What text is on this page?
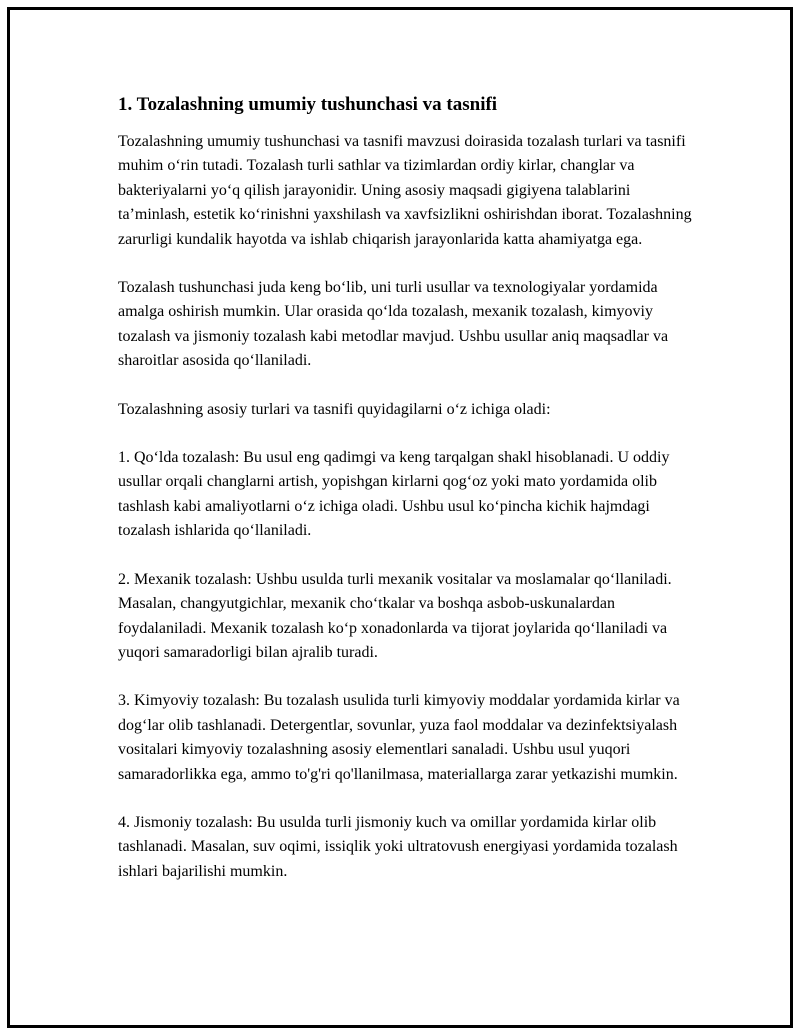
1. Tozalashning umumiy tushunchasi va tasnifi

Tozalashning umumiy tushunchasi va tasnifi mavzusi doirasida tozalash turlari va tasnifi muhim oʻrin tutadi. Tozalash turli sathlar va tizimlardan ordiy kirlar, changlar va bakteriyalarni yoʻq qilish jarayonidir. Uning asosiy maqsadi gigiyena talablarini taʼminlash, estetik koʻrinishni yaxshilash va xavfsizlikni oshirishdan iborat. Tozalashning zarurligi kundalik hayotda va ishlab chiqarish jarayonlarida katta ahamiyatga ega.

Tozalash tushunchasi juda keng boʻlib, uni turli usullar va texnologiyalar yordamida amalga oshirish mumkin. Ular orasida qoʻlda tozalash, mexanik tozalash, kimyoviy tozalash va jismoniy tozalash kabi metodlar mavjud. Ushbu usullar aniq maqsadlar va sharoitlar asosida qoʻllaniladi.

Tozalashning asosiy turlari va tasnifi quyidagilarni oʻz ichiga oladi:

1. Qoʻlda tozalash: Bu usul eng qadimgi va keng tarqalgan shakl hisoblanadi. U oddiy usullar orqali changlarni artish, yopishgan kirlarni qogʻoz yoki mato yordamida olib tashlash kabi amaliyotlarni oʻz ichiga oladi. Ushbu usul koʻpincha kichik hajmdagi tozalash ishlarida qoʻllaniladi.

2. Mexanik tozalash: Ushbu usulda turli mexanik vositalar va moslamalar qoʻllaniladi. Masalan, changyutgichlar, mexanik choʻtkalar va boshqa asbob-uskunalardan foydalaniladi. Mexanik tozalash koʻp xonadonlarda va tijorat joylarida qoʻllaniladi va yuqori samaradorligi bilan ajralib turadi.

3. Kimyoviy tozalash: Bu tozalash usulida turli kimyoviy moddalar yordamida kirlar va dogʻlar olib tashlanadi. Detergentlar, sovunlar, yuza faol moddalar va dezinfektsiyalash vositalari kimyoviy tozalashning asosiy elementlari sanaladi. Ushbu usul yuqori samaradorlikka ega, ammo to'g'ri qo'llanilmasa, materiallarga zarar yetkazishi mumkin.

4. Jismoniy tozalash: Bu usulda turli jismoniy kuch va omillar yordamida kirlar olib tashlanadi. Masalan, suv oqimi, issiqlik yoki ultratovush energiyasi yordamida tozalash ishlari bajarilishi mumkin.
